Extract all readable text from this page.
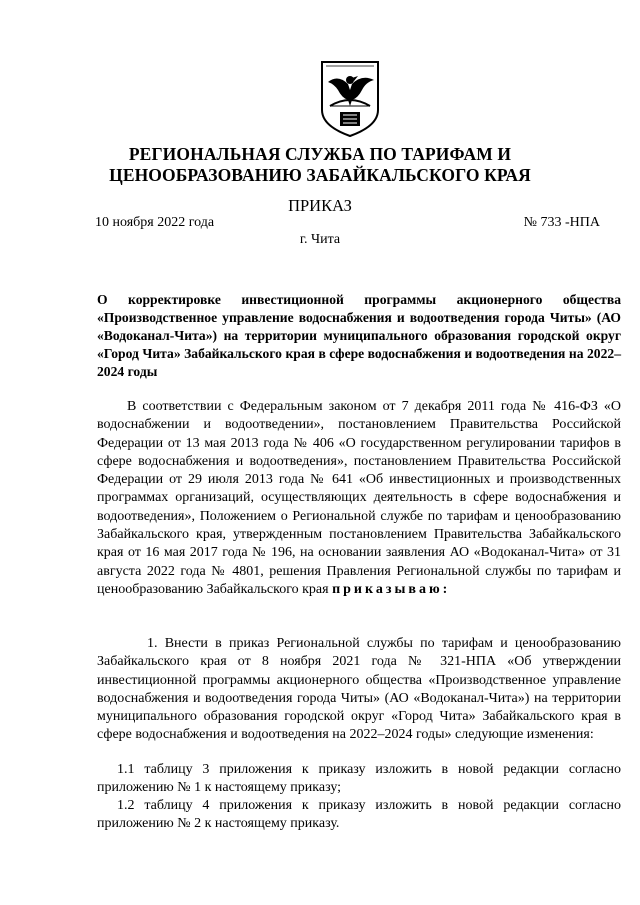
РЕГИОНАЛЬНАЯ СЛУЖБА ПО ТАРИФАМ И
ЦЕНООБРАЗОВАНИЮ ЗАБАЙКАЛЬСКОГО КРАЯ
ПРИКАЗ
10 ноября 2022 года	№ 733 -НПА
г. Чита
О корректировке инвестиционной программы акционерного общества «Производственное управление водоснабжения и водоотведения города Читы» (АО «Водоканал-Чита») на территории муниципального образования городской округ «Город Чита» Забайкальского края в сфере водоснабжения и водоотведения на 2022–2024 годы
В соответствии с Федеральным законом от 7 декабря 2011 года № 416-ФЗ «О водоснабжении и водоотведении», постановлением Правительства Российской Федерации от 13 мая 2013 года № 406 «О государственном регулировании тарифов в сфере водоснабжения и водоотведения», постановлением Правительства Российской Федерации от 29 июля 2013 года № 641 «Об инвестиционных и производственных программах организаций, осуществляющих деятельность в сфере водоснабжения и водоотведения», Положением о Региональной службе по тарифам и ценообразованию Забайкальского края, утвержденным постановлением Правительства Забайкальского края от 16 мая 2017 года № 196, на основании заявления АО «Водоканал-Чита» от 31 августа 2022 года № 4801, решения Правления Региональной службы по тарифам и ценообразованию Забайкальского края приказываю:
1. Внести в приказ Региональной службы по тарифам и ценообразованию Забайкальского края от 8 ноября 2021 года № 321-НПА «Об утверждении инвестиционной программы акционерного общества «Производственное управление водоснабжения и водоотведения города Читы» (АО «Водоканал-Чита») на территории муниципального образования городской округ «Город Чита» Забайкальского края в сфере водоснабжения и водоотведения на 2022–2024 годы» следующие изменения:
1.1 таблицу 3 приложения к приказу изложить в новой редакции согласно приложению № 1 к настоящему приказу;
1.2 таблицу 4 приложения к приказу изложить в новой редакции согласно приложению № 2 к настоящему приказу.
